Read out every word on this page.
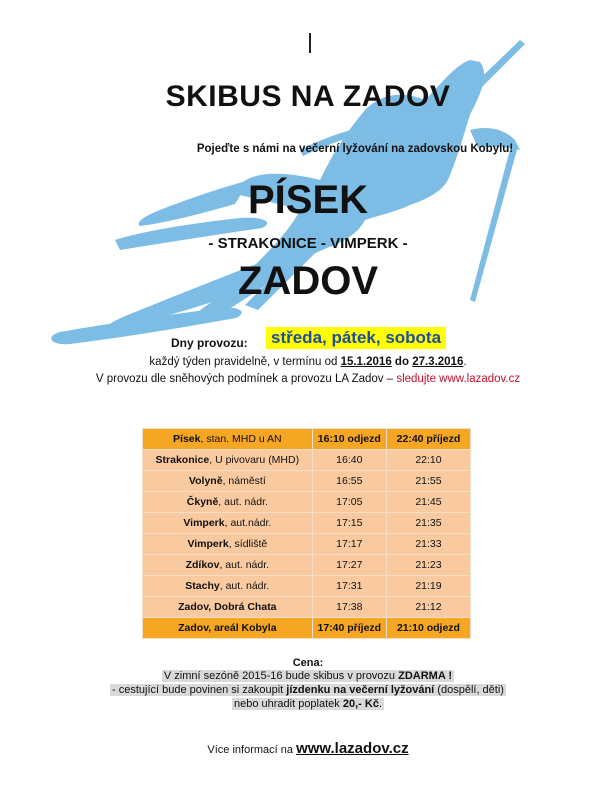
SKIBUS NA ZADOV
Pojeďte s námi na večerní lyžování na zadovskou Kobylu!
PÍSEK
- STRAKONICE - VIMPERK -
ZADOV
Dny provozu: středa, pátek, sobota
každý týden pravidelně, v termínu od 15.1.2016 do 27.3.2016.
V provozu dle sněhových podmínek a provozu LA Zadov – sledujte www.lazadov.cz
Písek, stan. MHD u AN	16:10 odjezd	22:40 příjezd
Strakonice, U pivovaru (MHD)	16:40	22:10
Volyně, náměstí	16:55	21:55
Čkyně, aut. nádr.	17:05	21:45
Vimperk, aut.nádr.	17:15	21:35
Vimperk, sídliště	17:17	21:33
Zdíkov, aut. nádr.	17:27	21:23
Stachy, aut. nádr.	17:31	21:19
Zadov, Dobrá Chata	17:38	21:12
Zadov, areál Kobyla	17:40 příjezd	21:10 odjezd
Cena:
V zimní sezóně 2015-16 bude skibus v provozu ZDARMA !
- cestující bude povinen si zakoupit jízdenku na večerní lyžování (dospělí, děti)
nebo uhradit poplatek 20,- Kč.
Více informací na www.lazadov.cz
